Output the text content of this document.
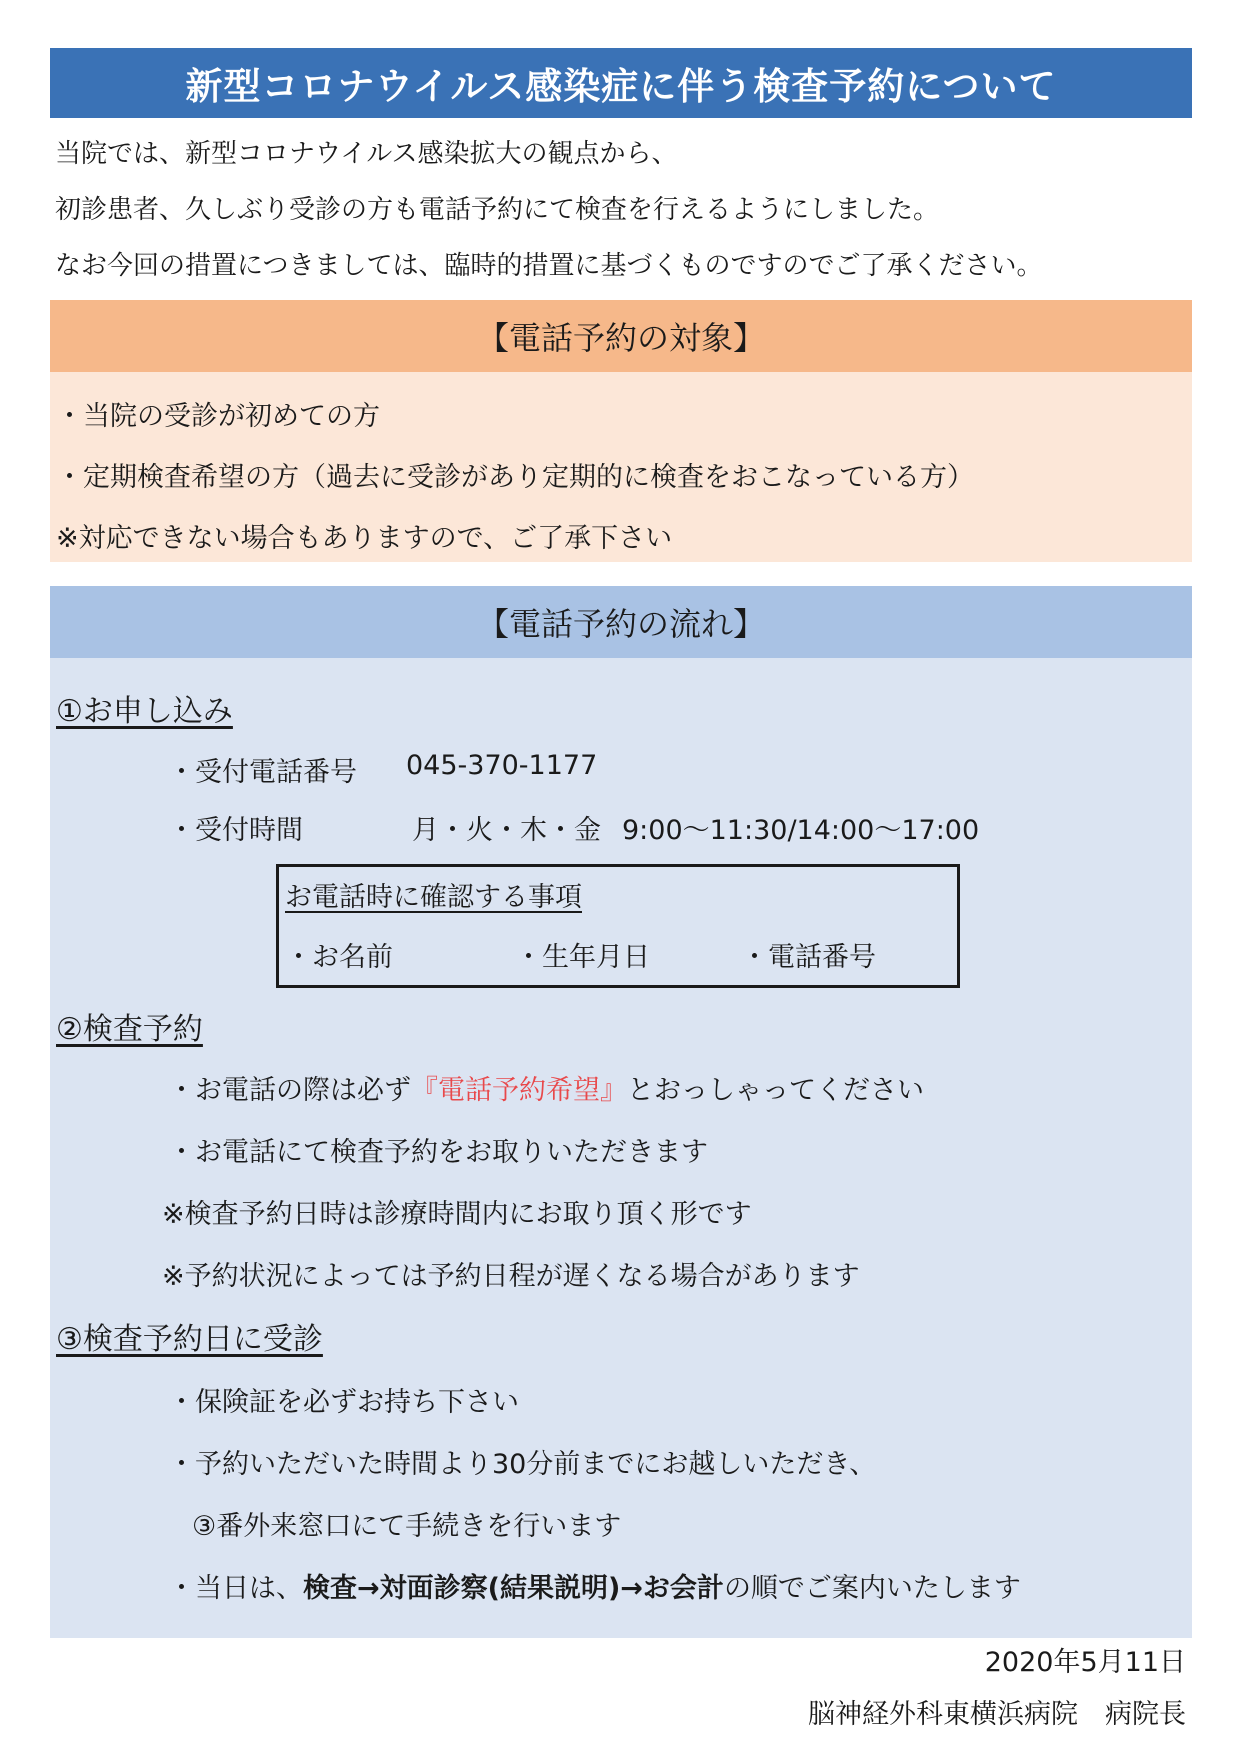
新型コロナウイルス感染症に伴う検査予約について

当院では、新型コロナウイルス感染拡大の観点から、

初診患者、久しぶり受診の方も電話予約にて検査を行えるようにしました。

なお今回の措置につきましては、臨時的措置に基づくものですのでご了承ください。

【電話予約の対象】

・当院の受診が初めての方

・定期検査希望の方（過去に受診があり定期的に検査をおこなっている方）

※対応できない場合もありますので、ご了承下さい

【電話予約の流れ】

①お申し込み

・受付電話番号 045-370-1177

・受付時間	月・火・木・金 9:00～11:30/14:00～17:00

お電話時に確認する事項

・お名前	・生年月日	・電話番号

②検査予約

・お電話の際は必ず『電話予約希望』とおっしゃってください

・お電話にて検査予約をお取りいただきます

※検査予約日時は診療時間内にお取り頂く形です

※予約状況によっては予約日程が遅くなる場合があります

③検査予約日に受診

・保険証を必ずお持ち下さい

・予約いただいた時間より30分前までにお越しいただき、

③番外来窓口にて手続きを行います

・当日は、検査→対面診察(結果説明)→お会計の順でご案内いたします

2020年5月11日

脳神経外科東横浜病院　病院長
